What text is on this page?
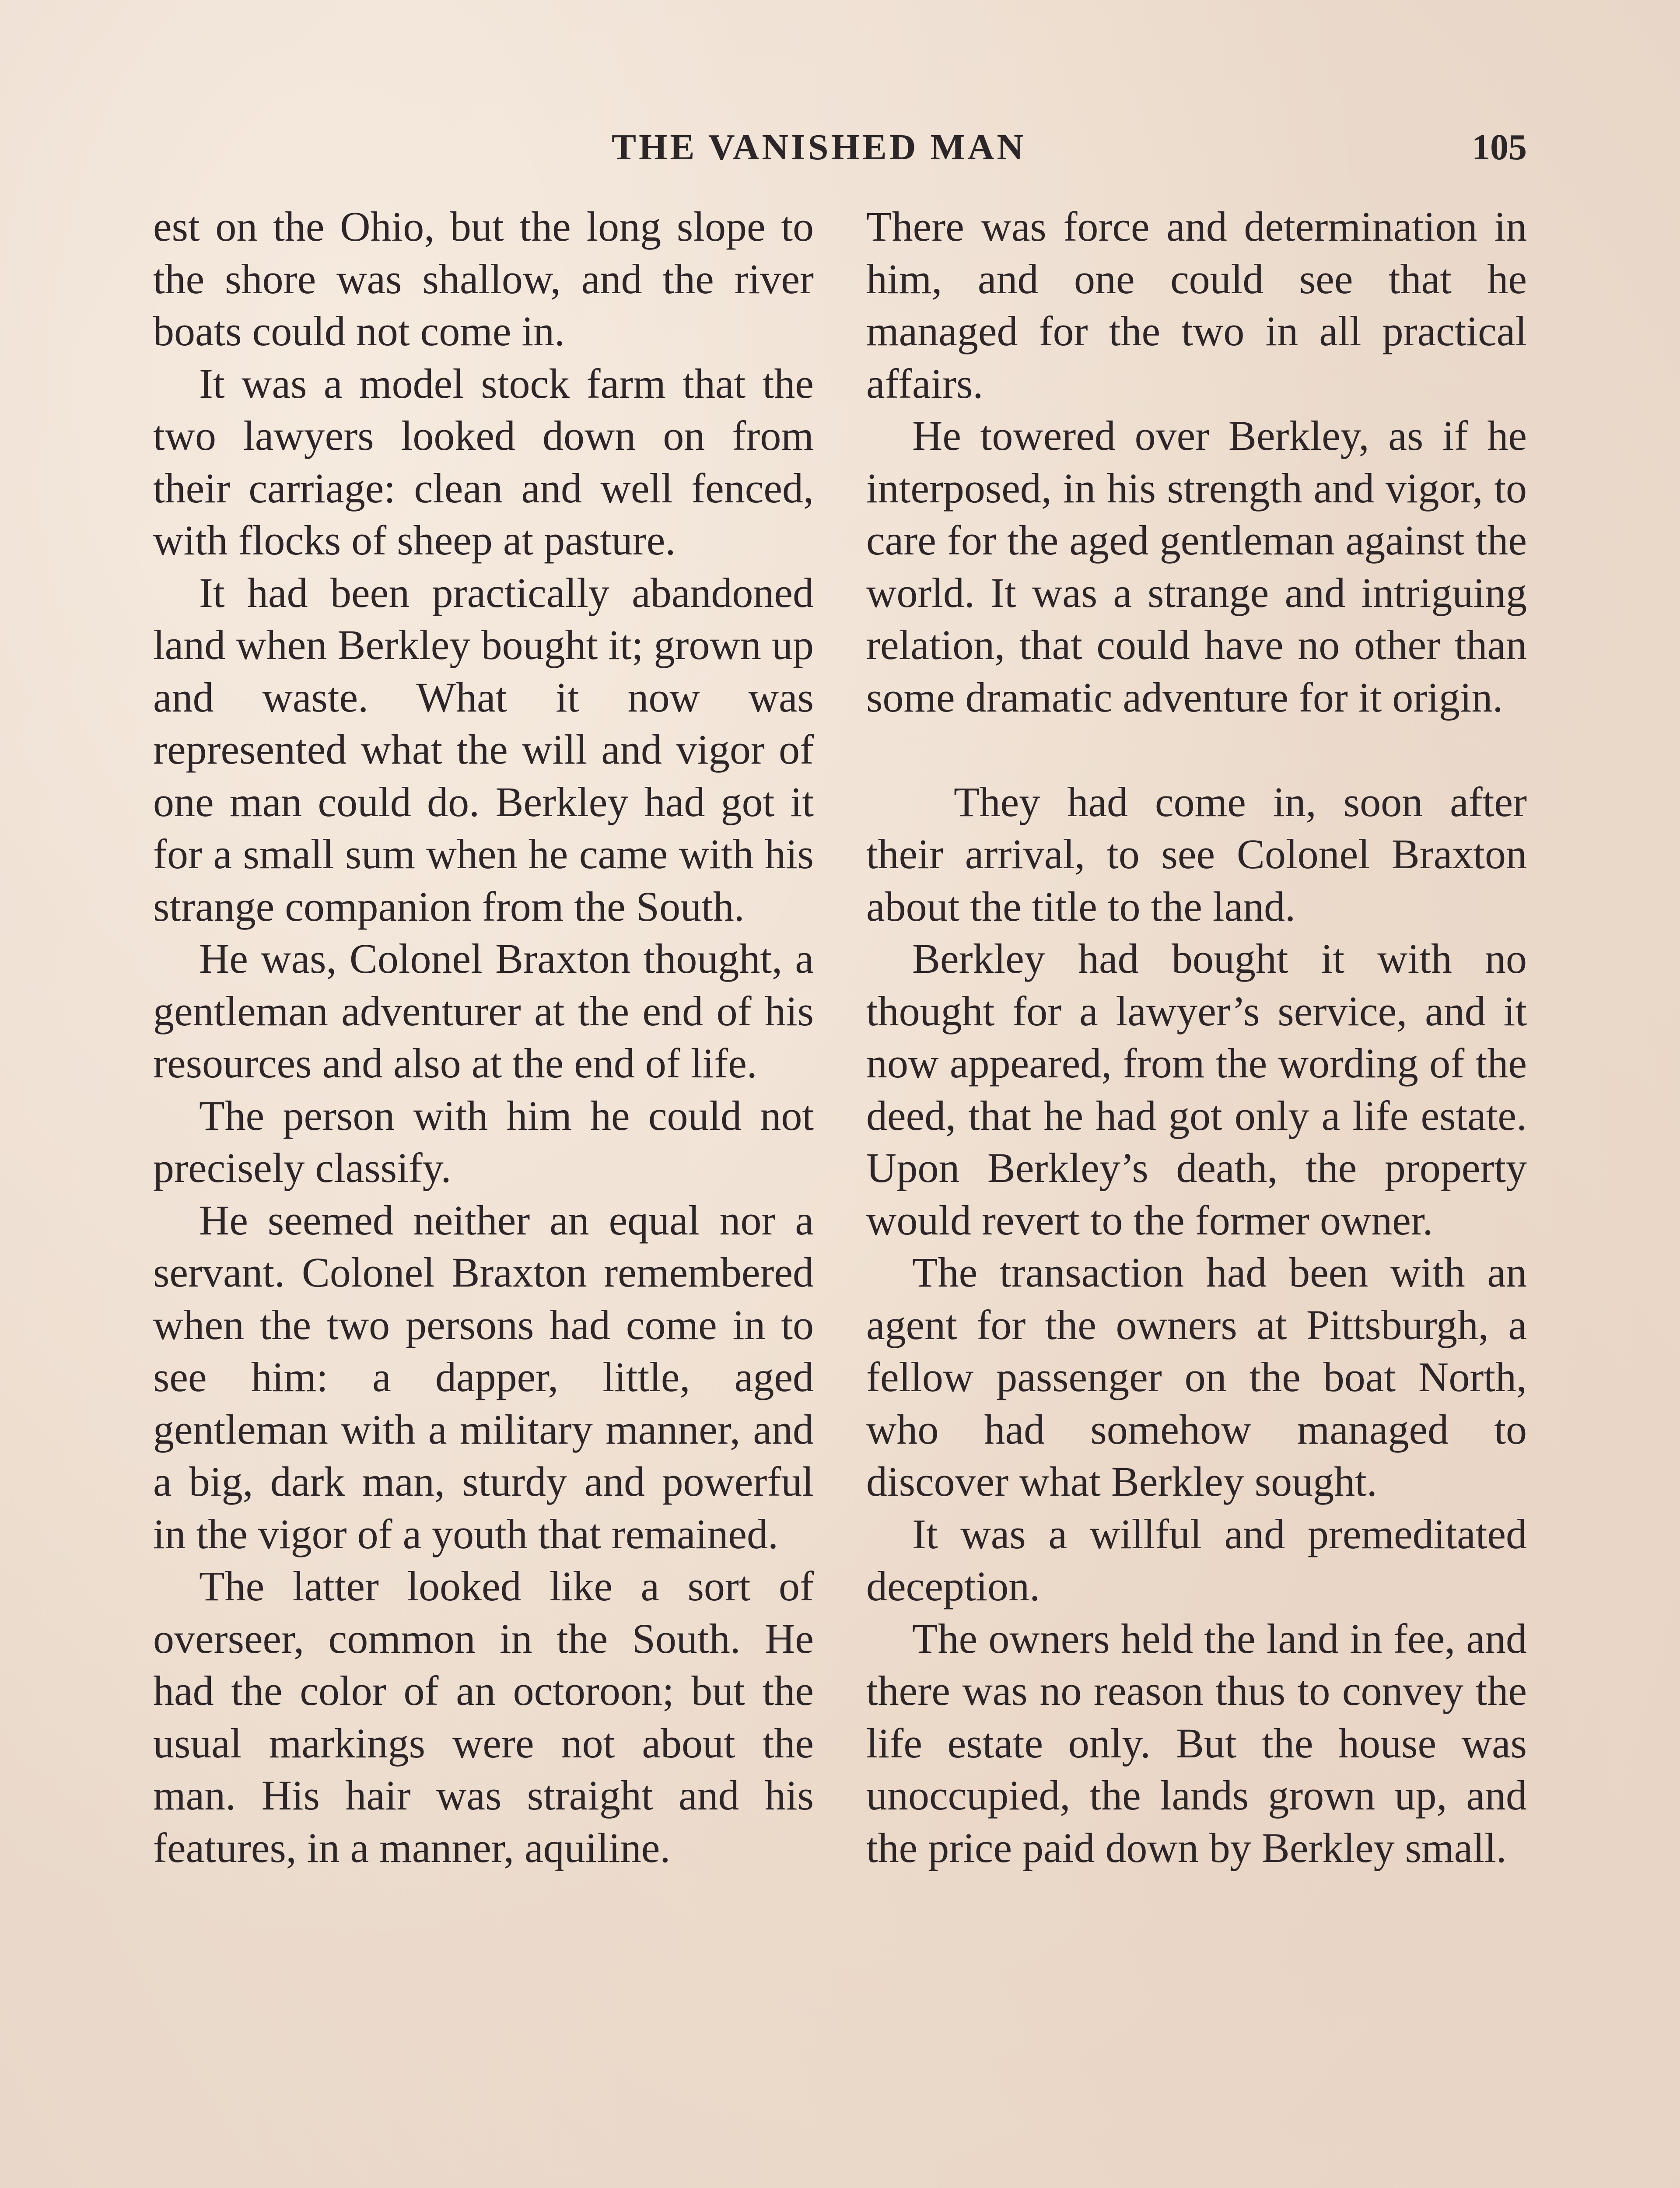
THE VANISHED MAN	105

est on the Ohio, but the long slope to the shore was shallow, and the river boats could not come in.

It was a model stock farm that the two lawyers looked down on from their carriage: clean and well fenced, with flocks of sheep at pasture.

It had been practically abandoned land when Berkley bought it; grown up and waste. What it now was represented what the will and vigor of one man could do. Berkley had got it for a small sum when he came with his strange companion from the South.

He was, Colonel Braxton thought, a gentleman adventurer at the end of his resources and also at the end of life.

The person with him he could not precisely classify.

He seemed neither an equal nor a servant. Colonel Braxton remembered when the two persons had come in to see him: a dapper, little, aged gentleman with a military manner, and a big, dark man, sturdy and powerful in the vigor of a youth that remained.

The latter looked like a sort of overseer, common in the South. He had the color of an octoroon; but the usual markings were not about the man. His hair was straight and his features, in a manner, aquiline.

There was force and determination in him, and one could see that he managed for the two in all practical affairs.

He towered over Berkley, as if he interposed, in his strength and vigor, to care for the aged gentleman against the world. It was a strange and intriguing relation, that could have no other than some dramatic adventure for it origin.

They had come in, soon after their arrival, to see Colonel Braxton about the title to the land.

Berkley had bought it with no thought for a lawyer’s service, and it now appeared, from the wording of the deed, that he had got only a life estate. Upon Berkley’s death, the property would revert to the former owner.

The transaction had been with an agent for the owners at Pittsburgh, a fellow passenger on the boat North, who had somehow managed to discover what Berkley sought.

It was a willful and premeditated deception.

The owners held the land in fee, and there was no reason thus to convey the life estate only. But the house was unoccupied, the lands grown up, and the price paid down by Berkley small.
